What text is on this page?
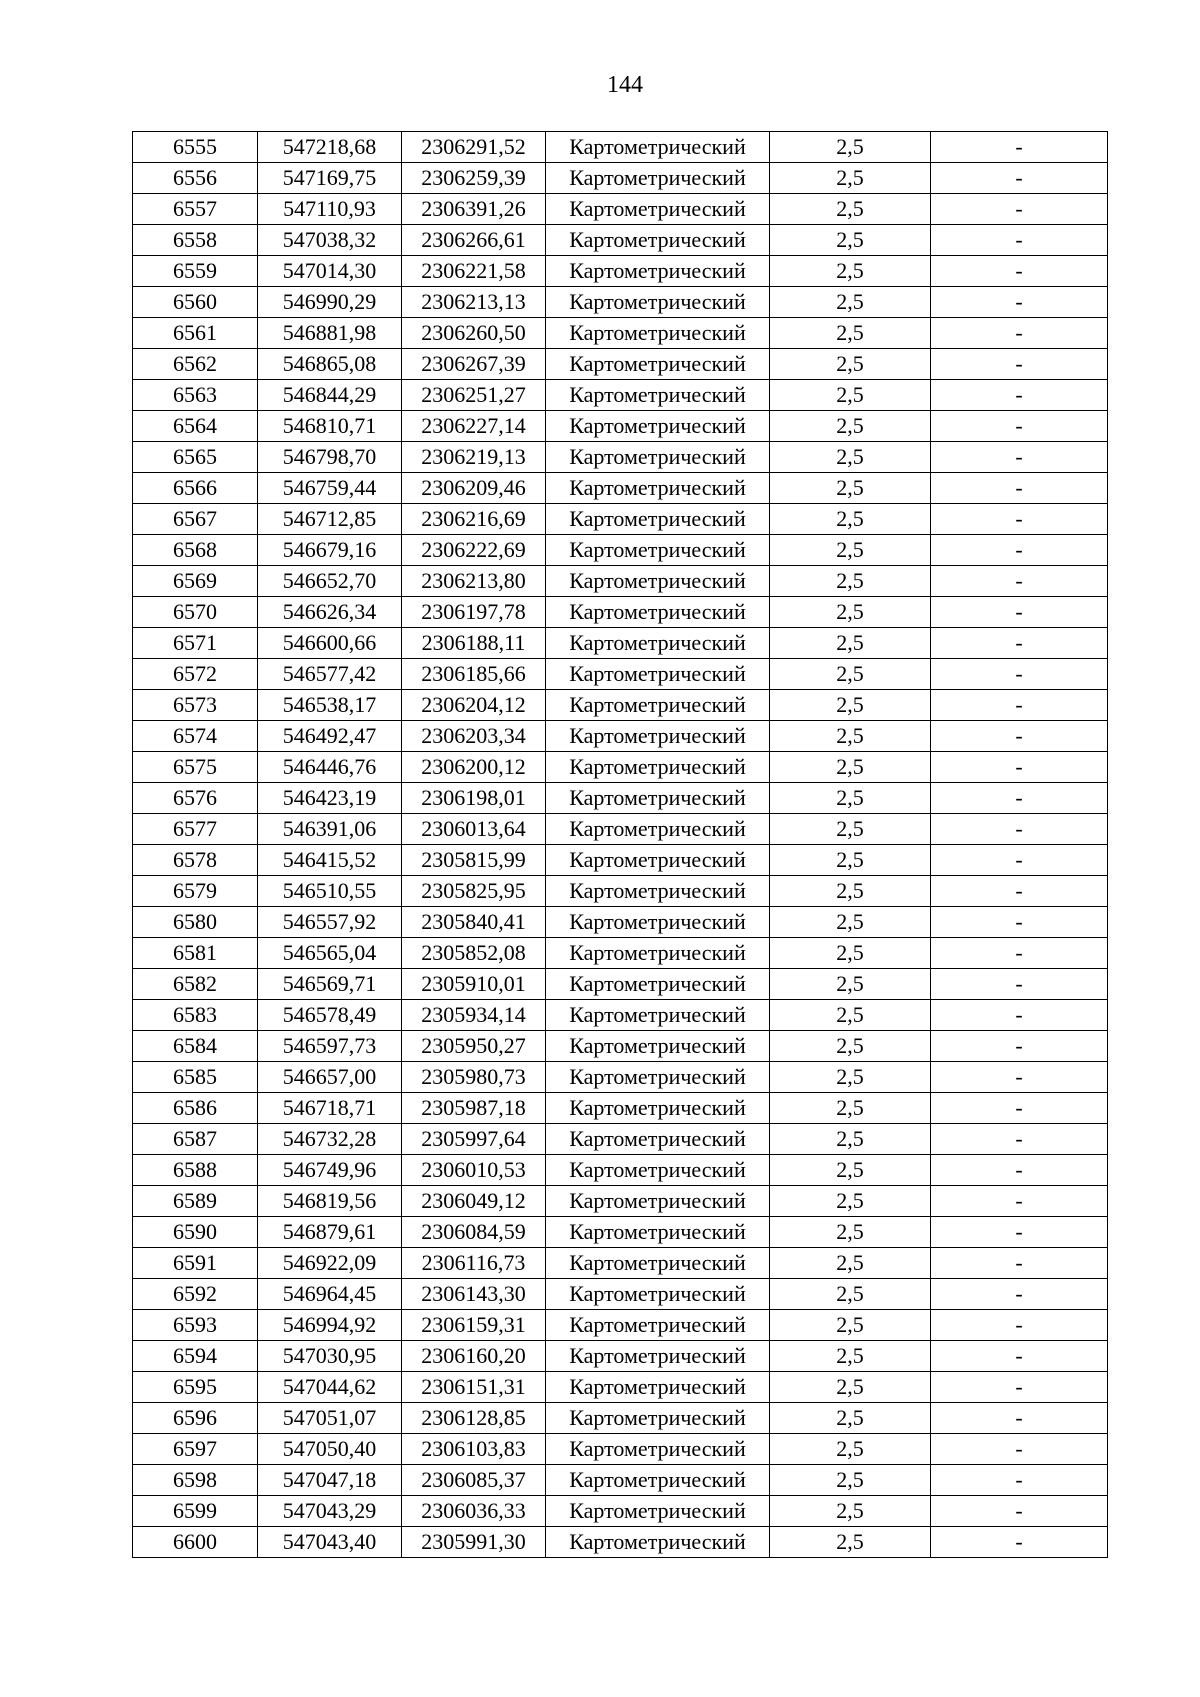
144
6555	547218,68	2306291,52	Картометрический	2,5	-
6556	547169,75	2306259,39	Картометрический	2,5	-
6557	547110,93	2306391,26	Картометрический	2,5	-
6558	547038,32	2306266,61	Картометрический	2,5	-
6559	547014,30	2306221,58	Картометрический	2,5	-
6560	546990,29	2306213,13	Картометрический	2,5	-
6561	546881,98	2306260,50	Картометрический	2,5	-
6562	546865,08	2306267,39	Картометрический	2,5	-
6563	546844,29	2306251,27	Картометрический	2,5	-
6564	546810,71	2306227,14	Картометрический	2,5	-
6565	546798,70	2306219,13	Картометрический	2,5	-
6566	546759,44	2306209,46	Картометрический	2,5	-
6567	546712,85	2306216,69	Картометрический	2,5	-
6568	546679,16	2306222,69	Картометрический	2,5	-
6569	546652,70	2306213,80	Картометрический	2,5	-
6570	546626,34	2306197,78	Картометрический	2,5	-
6571	546600,66	2306188,11	Картометрический	2,5	-
6572	546577,42	2306185,66	Картометрический	2,5	-
6573	546538,17	2306204,12	Картометрический	2,5	-
6574	546492,47	2306203,34	Картометрический	2,5	-
6575	546446,76	2306200,12	Картометрический	2,5	-
6576	546423,19	2306198,01	Картометрический	2,5	-
6577	546391,06	2306013,64	Картометрический	2,5	-
6578	546415,52	2305815,99	Картометрический	2,5	-
6579	546510,55	2305825,95	Картометрический	2,5	-
6580	546557,92	2305840,41	Картометрический	2,5	-
6581	546565,04	2305852,08	Картометрический	2,5	-
6582	546569,71	2305910,01	Картометрический	2,5	-
6583	546578,49	2305934,14	Картометрический	2,5	-
6584	546597,73	2305950,27	Картометрический	2,5	-
6585	546657,00	2305980,73	Картометрический	2,5	-
6586	546718,71	2305987,18	Картометрический	2,5	-
6587	546732,28	2305997,64	Картометрический	2,5	-
6588	546749,96	2306010,53	Картометрический	2,5	-
6589	546819,56	2306049,12	Картометрический	2,5	-
6590	546879,61	2306084,59	Картометрический	2,5	-
6591	546922,09	2306116,73	Картометрический	2,5	-
6592	546964,45	2306143,30	Картометрический	2,5	-
6593	546994,92	2306159,31	Картометрический	2,5	-
6594	547030,95	2306160,20	Картометрический	2,5	-
6595	547044,62	2306151,31	Картометрический	2,5	-
6596	547051,07	2306128,85	Картометрический	2,5	-
6597	547050,40	2306103,83	Картометрический	2,5	-
6598	547047,18	2306085,37	Картометрический	2,5	-
6599	547043,29	2306036,33	Картометрический	2,5	-
6600	547043,40	2305991,30	Картометрический	2,5	-
